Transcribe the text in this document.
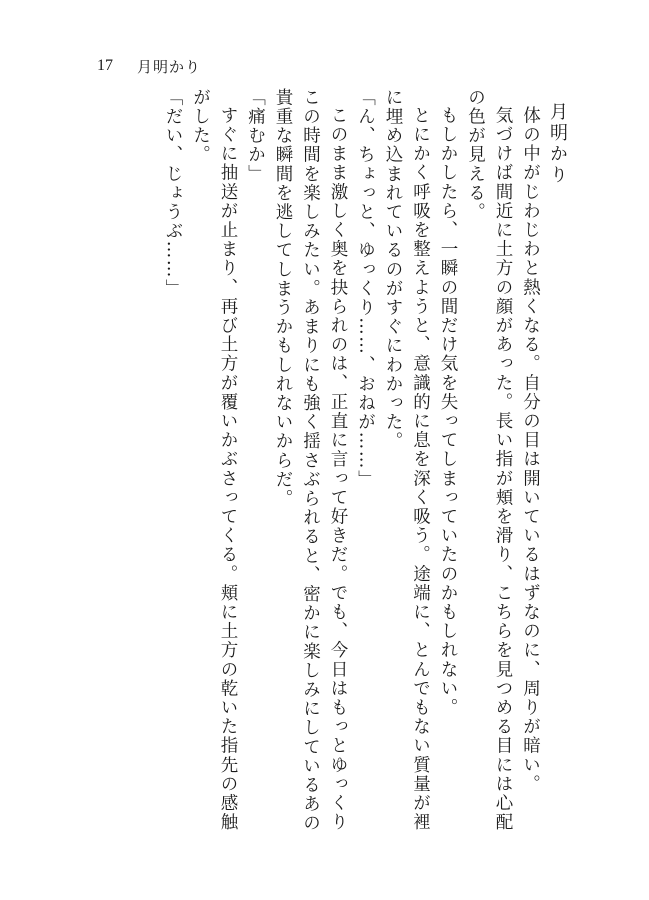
17 月明かり
月明かり

体の中がじわじわと熱くなる。自分の目は開いているはずなのに、周りが暗い。

気づけば間近に土方の顔があった。長い指が頬を滑り、こちらを見つめる目には心配の色が見える。

もしかしたら、一瞬の間だけ気を失ってしまっていたのかもしれない。

とにかく呼吸を整えようと、意識的に息を深く吸う。途端に、とんでもない質量が裡に埋め込まれているのがすぐにわかった。

「ん、ちょっと、ゆっくり……、おねが……」

このまま激しく奥を抉られのは、正直に言って好きだ。でも、今日はもっとゆっくりこの時間を楽しみたい。あまりにも強く揺さぶられると、密かに楽しみにしているあの貴重な瞬間を逃してしまうかもしれないからだ。

「痛むか」

すぐに抽送が止まり、再び土方が覆いかぶさってくる。頬に土方の乾いた指先の感触がした。

「だい、じょうぶ……」
